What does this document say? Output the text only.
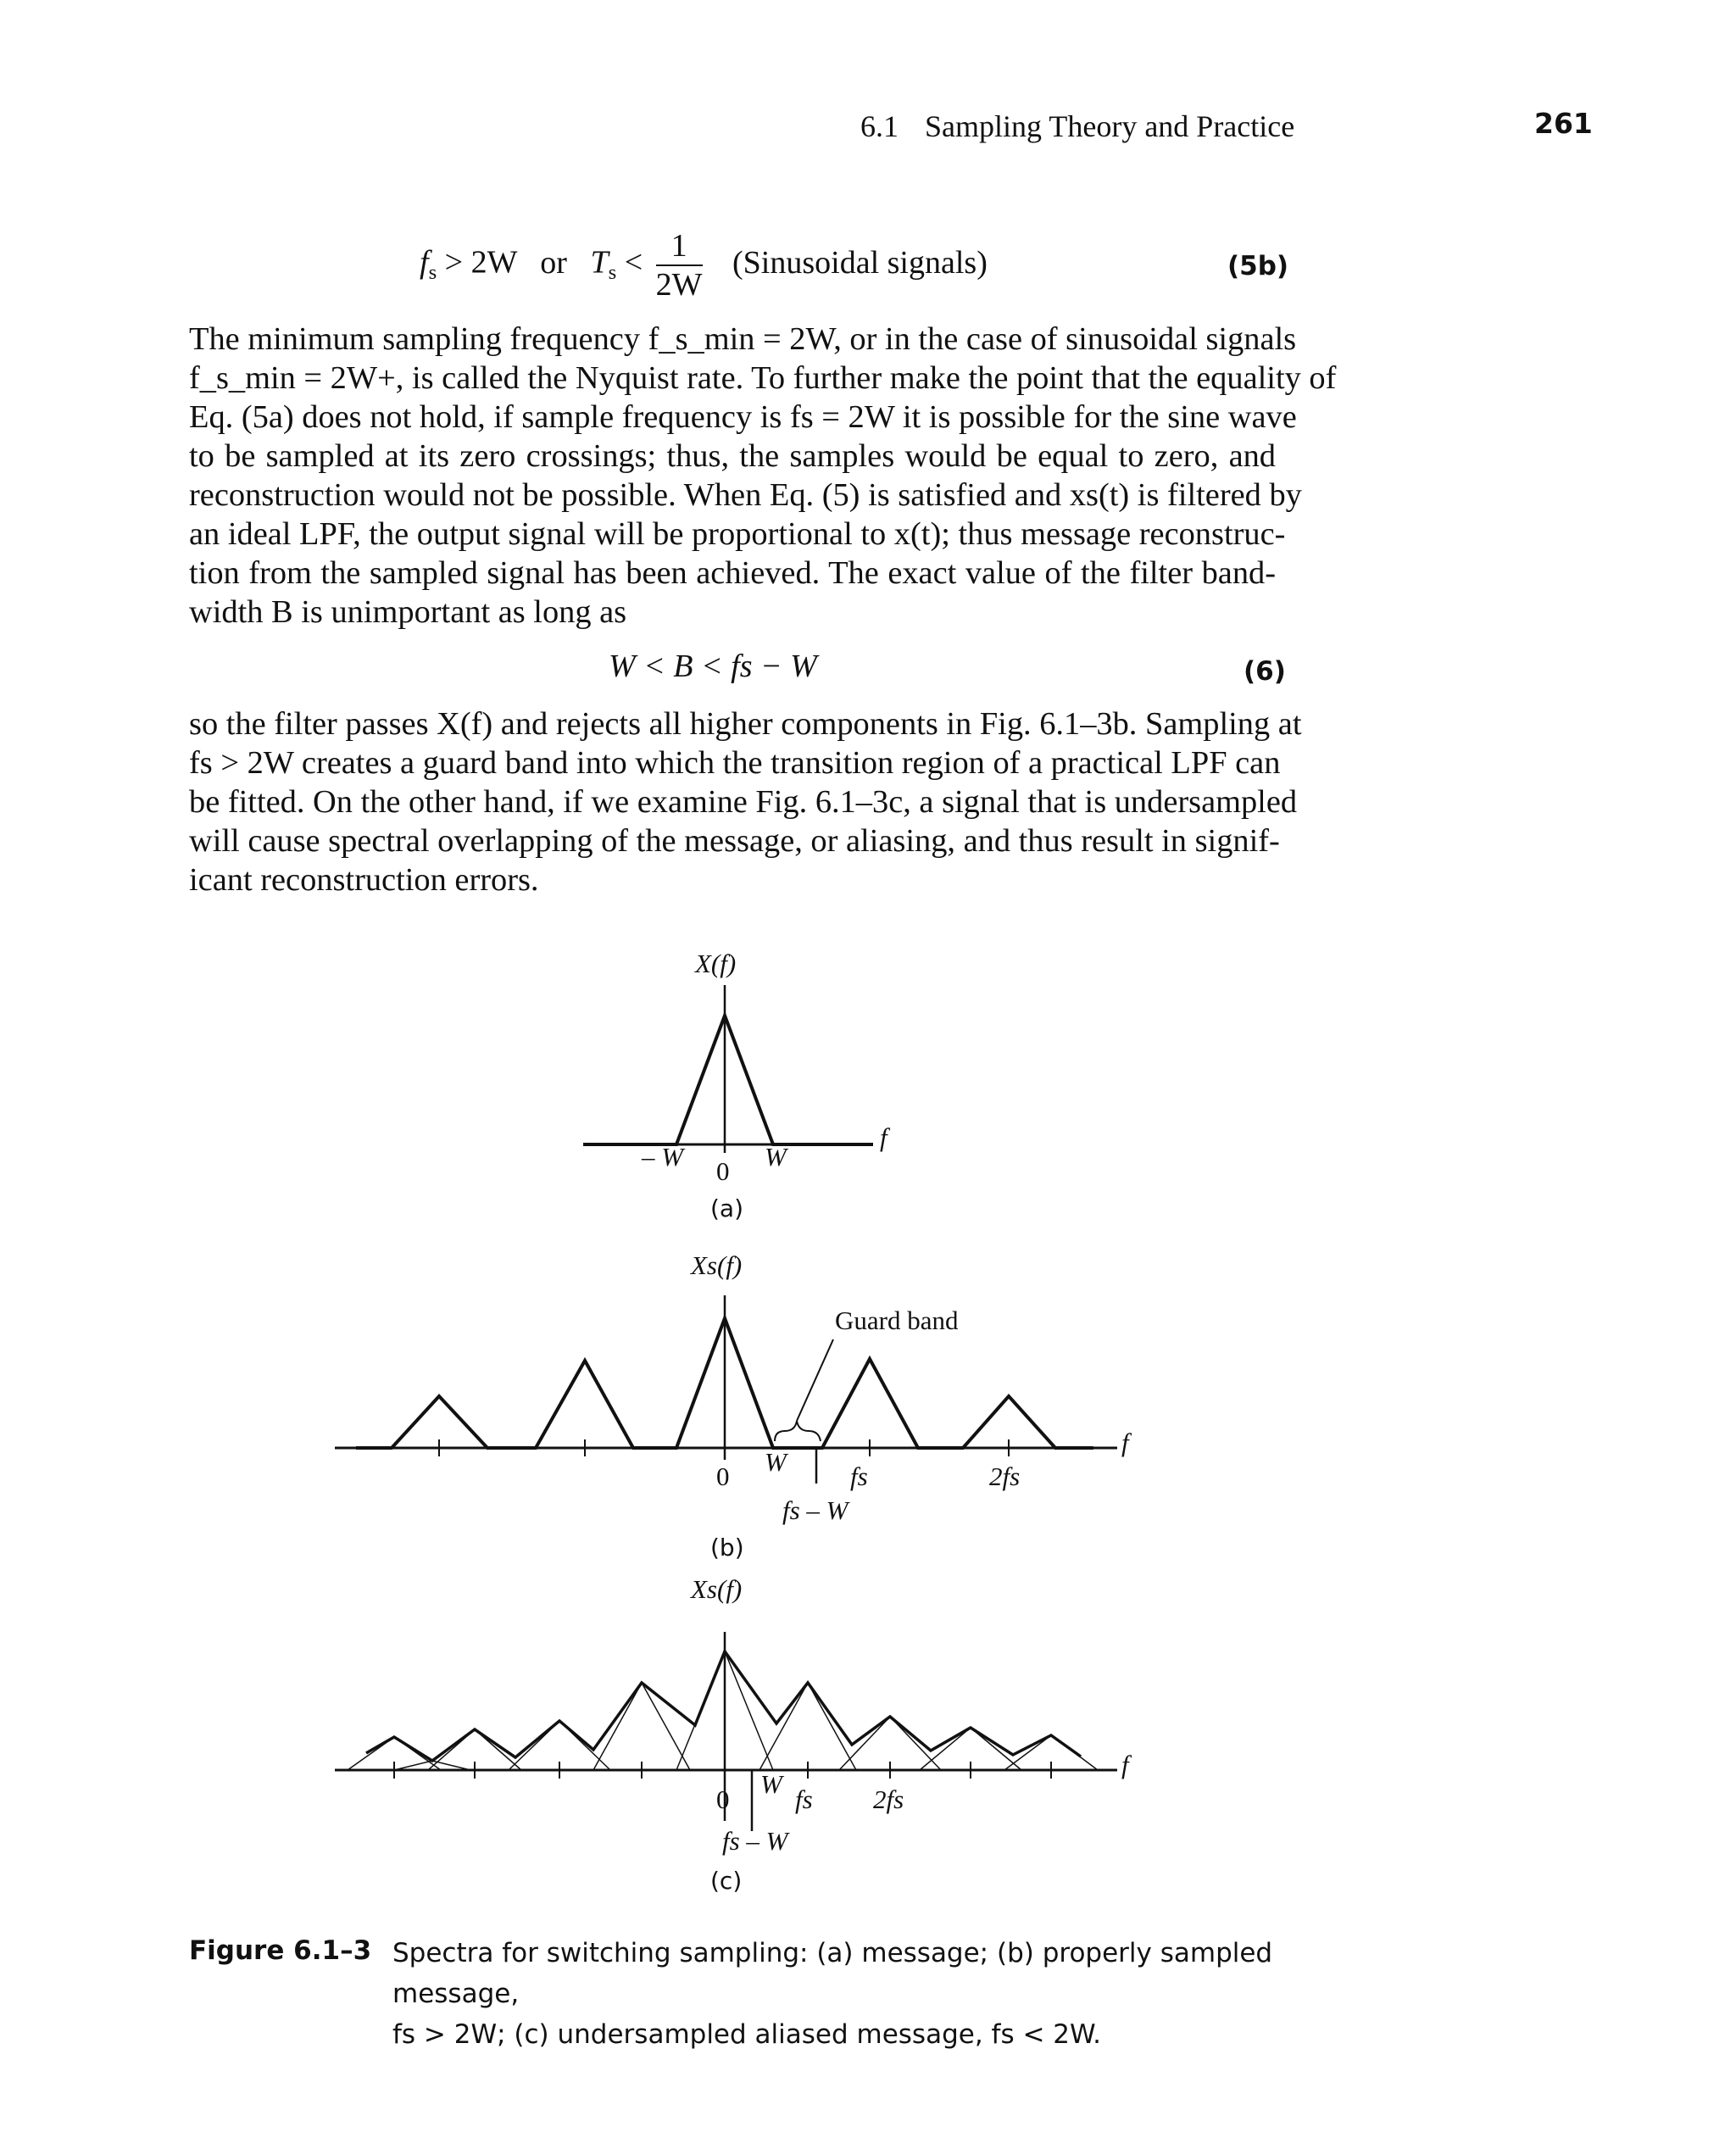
6.1 Sampling Theory and Practice	261
$f_s > 2W$ or $T_s < \frac{1}{2W}$ (Sinusoidal signals)	(5b)
The minimum sampling frequency f_s_min = 2W, or in the case of sinusoidal signals
f_s_min = 2W+, is called the Nyquist rate. To further make the point that the equality of
Eq. (5a) does not hold, if sample frequency is fs = 2W it is possible for the sine wave
to be sampled at its zero crossings; thus, the samples would be equal to zero, and
reconstruction would not be possible. When Eq. (5) is satisfied and xs(t) is filtered by
an ideal LPF, the output signal will be proportional to x(t); thus message reconstruc-
tion from the sampled signal has been achieved. The exact value of the filter band-
width B is unimportant as long as
W < B < fs − W	(6)
so the filter passes X(f) and rejects all higher components in Fig. 6.1–3b. Sampling at
fs > 2W creates a guard band into which the transition region of a practical LPF can
be fitted. On the other hand, if we examine Fig. 6.1–3c, a signal that is undersampled
will cause spectral overlapping of the message, or aliasing, and thus result in signif-
icant reconstruction errors.
X(f)
f
– W 0 W
(a)
Xs(f)
Guard band
f
0 W fs	2fs
fs – W
(b)
Xs(f)
f
0
W
fs 2fs
fs – W
(c)
Figure 6.1–3 Spectra for switching sampling: (a) message; (b) properly sampled message,
fs > 2W; (c) undersampled aliased message, fs < 2W.
